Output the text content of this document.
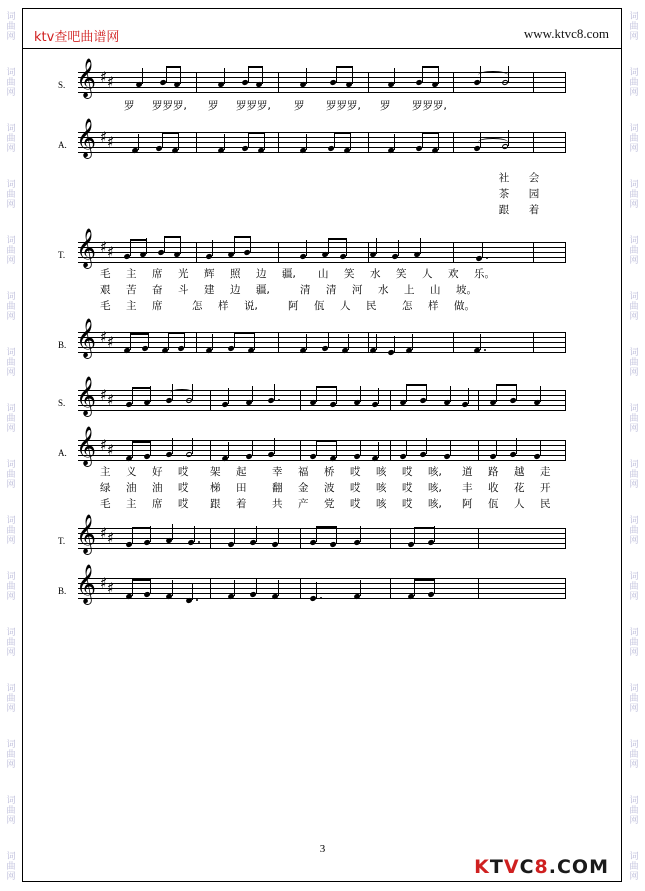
词
曲
网
词
曲
网
词
曲
网
词
曲
网
词
曲
网
词
曲
网
词
曲
网
词
曲
网
词
曲
网
词
曲
网
词
曲
网
词
曲
网
词
曲
网
词
曲
网
词
曲
网
词
曲
网
词
曲
网
词
曲
网
词
曲
网
词
曲
网
词
曲
网
词
曲
网
词
曲
网
词
曲
网
词
曲
网
词
曲
网
词
曲
网
词
曲
网
词
曲
网
词
曲
网
词
曲
网
词
曲
网
ktv查吧曲谱网	www.ktvc8.com
𝄞 ♯ ♯
S.
罗 罗罗罗, 罗 罗罗罗, 罗 罗罗罗, 罗 罗罗罗,
𝄞 ♯ ♯
A.
社
茶
跟
会
园
着
𝄞 ♯ ♯
T.
毛 主 席 光 辉 照 边 疆, 山 笑 水 笑 人 欢 乐。
艰 苦 奋 斗 建 边 疆,	清 清 河 水 上 山 坡。
毛 主 席	怎 样 说,	阿 佤 人 民 怎 样 做。
𝄞 ♯ ♯
B.
𝄞 ♯ ♯
S.
𝄞 ♯ ♯
A.
主 义 好 哎 架 起 幸 福 桥 哎 咳 哎 咳, 道 路 越 走
绿 油 油 哎 梯 田 翻 金 波 哎 咳 哎 咳, 丰 收 花 开
毛 主 席 哎 跟 着 共 产 党 哎 咳 哎 咳, 阿 佤 人 民
𝄞 ♯ ♯
T.
𝄞 ♯ ♯
B.
3
KTVC8.COM
